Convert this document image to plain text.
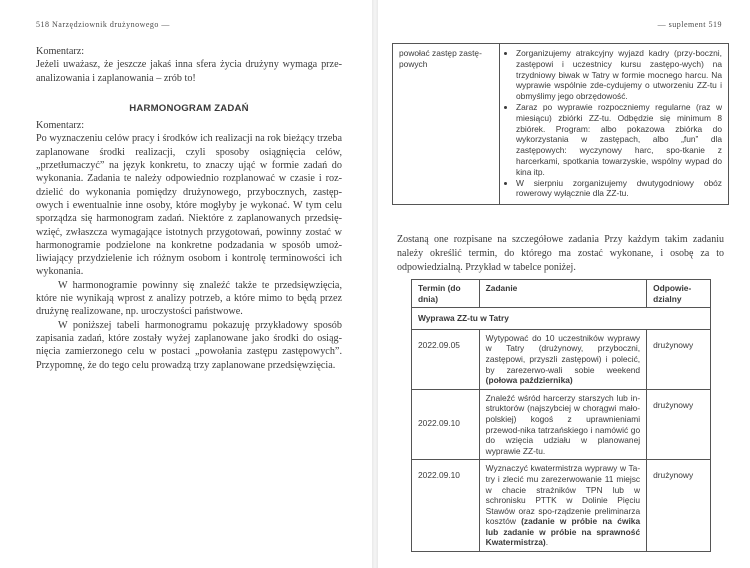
518 Narzędziownik drużynowego —

Komentarz:

Jeżeli uważasz, że jeszcze jakaś inna sfera życia drużyny wymaga prze-analizowania i zaplanowania – zrób to!

HARMONOGRAM ZADAŃ

Komentarz:

Po wyznaczeniu celów pracy i środków ich realizacji na rok bieżący trzeba zaplanowane środki realizacji, czyli sposoby osiągnięcia celów, „przetłumaczyć” na język konkretu, to znaczy ująć w formie zadań do wykonania. Zadania te należy odpowiednio rozplanować w czasie i roz-dzielić do wykonania pomiędzy drużynowego, przybocznych, zastęp-owych i ewentualnie inne osoby, które mogłyby je wykonać. W tym celu sporządza się harmonogram zadań. Niektóre z zaplanowanych przedsię-wzięć, zwłaszcza wymagające istotnych przygotowań, powinny zostać w harmonogramie podzielone na konkretne podzadania w sposób umoż-liwiający przydzielenie ich różnym osobom i kontrolę terminowości ich wykonania.

W harmonogramie powinny się znaleźć także te przedsięwzięcia, które nie wynikają wprost z analizy potrzeb, a które mimo to będą przez drużynę realizowane, np. uroczystości państwowe.

W poniższej tabeli harmonogramu pokazuję przykładowy sposób zapisania zadań, które zostały wyżej zaplanowane jako środki do osiąg-nięcia zamierzonego celu w postaci „powołania zastępu zastępowych”. Przypomnę, że do tego celu prowadzą trzy zaplanowane przedsięwzięcia.

— suplement 519
powołać zastęp zastę-powych	
• Zorganizujemy atrakcyjny wyjazd kadry (przy-boczni, zastępowi i uczestnicy kursu zastępo-wych) na trzydniowy biwak w Tatry w formie mocnego harcu. Na wyprawie wspólnie zde-cydujemy o utworzeniu ZZ-tu i obmyślimy jego obrzędowość.
• Zaraz po wyprawie rozpoczniemy regularne (raz w miesiącu) zbiórki ZZ-tu. Odbędzie się minimum 8 zbiórek. Program: albo pokazowa zbiórka do wykorzystania w zastępach, albo „fun” dla zastępowych: wyczynowy harc, spo-tkanie z harcerkami, spotkania towarzyskie, wspólny wypad do kina itp.
• W sierpniu zorganizujemy dwutygodniowy obóz rowerowy wyłącznie dla ZZ-tu.

Zostaną one rozpisane na szczegółowe zadania Przy każdym takim zadaniu należy określić termin, do którego ma zostać wykonane, i osobę za to odpowiedzialną. Przykład w tabelce poniżej.

Termin (do dnia)	Zadanie	Odpowie-dzialny
Wyprawa ZZ-tu w Tatry		
2022.09.05	Wytypować do 10 uczestników wyprawy w Tatry (drużynowy, przyboczni, zastępowi, przyszli zastępowi) i polecić, by zarezerwo-wali sobie weekend (połowa października)	drużynowy
2022.09.10	Znaleźć wśród harcerzy starszych lub in-struktorów (najszybciej w chorągwi mało-polskiej) kogoś z uprawnieniami przewod-nika tatrzańskiego i namówić go do wzięcia udziału w planowanej wyprawie ZZ-tu.	drużynowy
2022.09.10	Wyznaczyć kwatermistrza wyprawy w Ta-try i zlecić mu zarezerwowanie 11 miejsc w chacie strażników TPN lub w schronisku PTTK w Dolinie Pięciu Stawów oraz spo-rządzenie preliminarza kosztów (zadanie w próbie na ćwika lub zadanie w próbie na sprawność Kwatermistrza).	drużynowy
